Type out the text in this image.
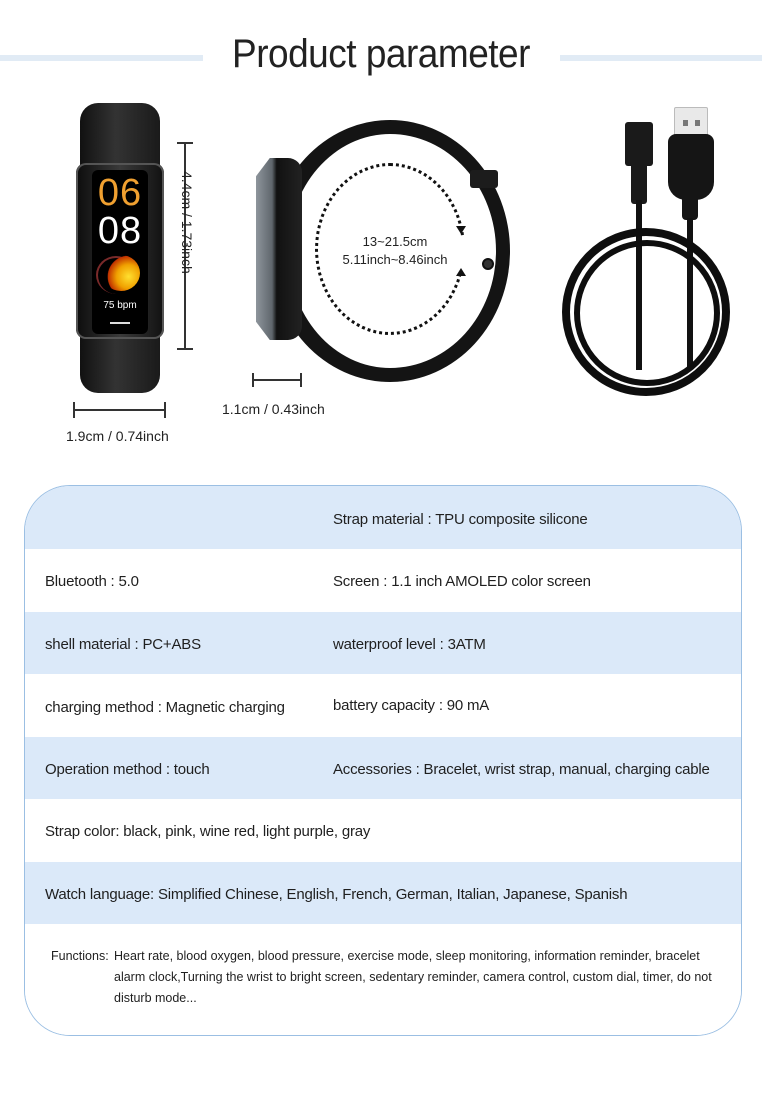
Product parameter
06
08
75 bpm
4.4cm / 1.73inch
1.9cm / 0.74inch
13~21.5cm
5.11inch~8.46inch
1.1cm / 0.43inch
Strap material : TPU composite silicone
Bluetooth : 5.0	Screen : 1.1 inch AMOLED color screen
shell material : PC+ABS	waterproof level : 3ATM
charging method : Magnetic charging	battery capacity : 90 mA
Operation method : touch	Accessories : Bracelet, wrist strap, manual, charging cable
Strap color: black, pink, wine red, light purple, gray
Watch language: Simplified Chinese, English, French, German, Italian, Japanese, Spanish
Functions: Heart rate, blood oxygen, blood pressure, exercise mode, sleep monitoring, information reminder, bracelet alarm clock,Turning the wrist to bright screen, sedentary reminder, camera control, custom dial, timer, do not disturb mode...
